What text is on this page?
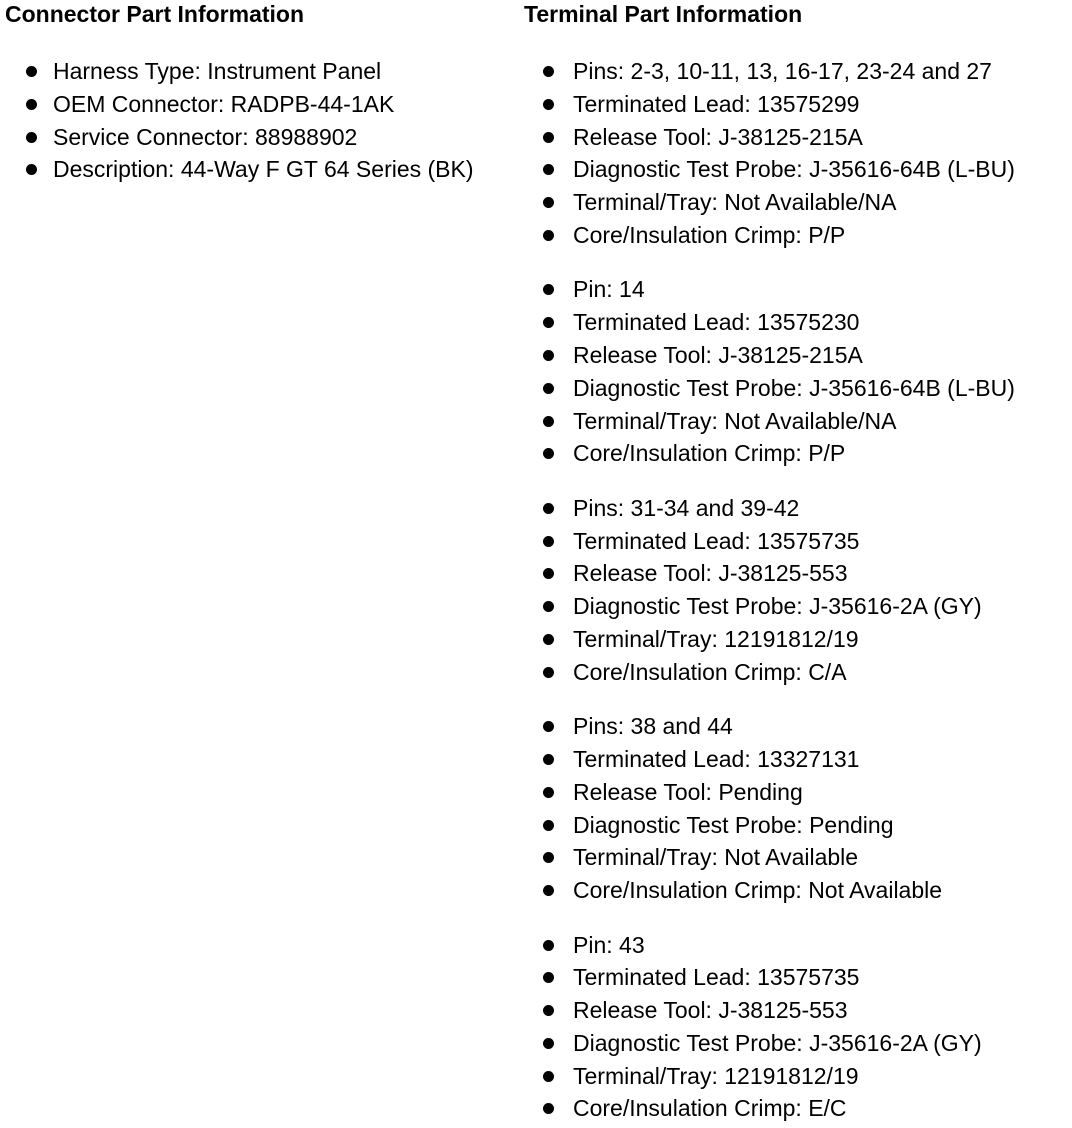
Connector Part Information
Harness Type: Instrument Panel
OEM Connector: RADPB-44-1AK
Service Connector: 88988902
Description: 44-Way F GT 64 Series (BK)
Terminal Part Information
Pins: 2-3, 10-11, 13, 16-17, 23-24 and 27
Terminated Lead: 13575299
Release Tool: J-38125-215A
Diagnostic Test Probe: J-35616-64B (L-BU)
Terminal/Tray: Not Available/NA
Core/Insulation Crimp: P/P
Pin: 14
Terminated Lead: 13575230
Release Tool: J-38125-215A
Diagnostic Test Probe: J-35616-64B (L-BU)
Terminal/Tray: Not Available/NA
Core/Insulation Crimp: P/P
Pins: 31-34 and 39-42
Terminated Lead: 13575735
Release Tool: J-38125-553
Diagnostic Test Probe: J-35616-2A (GY)
Terminal/Tray: 12191812/19
Core/Insulation Crimp: C/A
Pins: 38 and 44
Terminated Lead: 13327131
Release Tool: Pending
Diagnostic Test Probe: Pending
Terminal/Tray: Not Available
Core/Insulation Crimp: Not Available
Pin: 43
Terminated Lead: 13575735
Release Tool: J-38125-553
Diagnostic Test Probe: J-35616-2A (GY)
Terminal/Tray: 12191812/19
Core/Insulation Crimp: E/C
